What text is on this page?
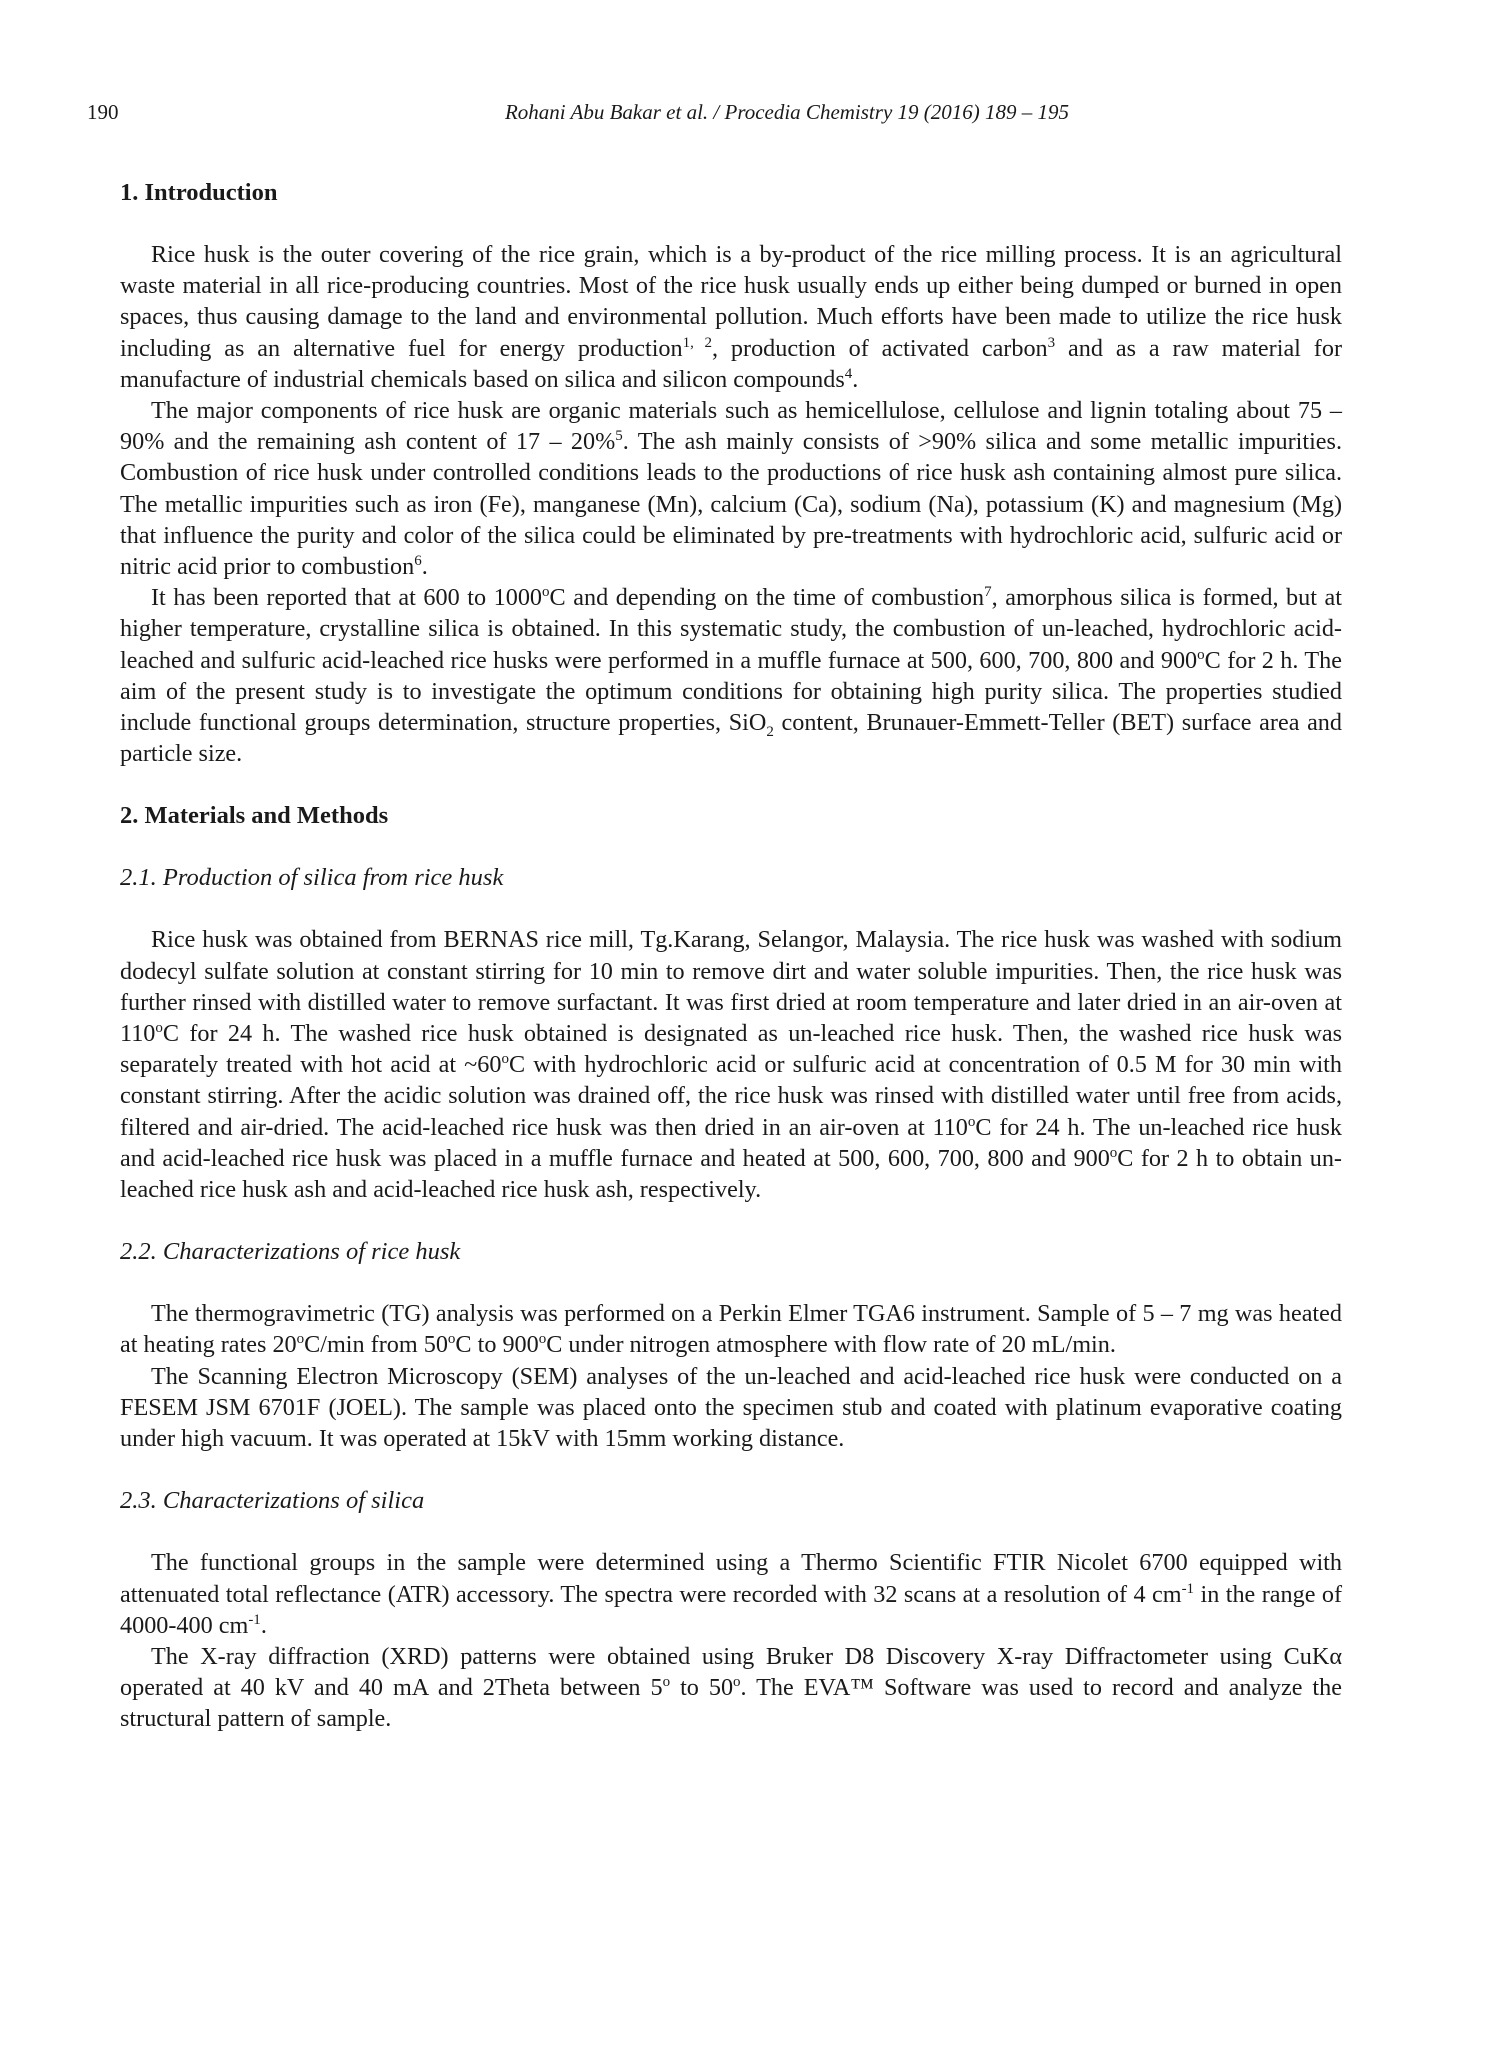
190	Rohani Abu Bakar et al. / Procedia Chemistry 19 (2016) 189 – 195
1. Introduction

Rice husk is the outer covering of the rice grain, which is a by-product of the rice milling process. It is an agricultural waste material in all rice-producing countries. Most of the rice husk usually ends up either being dumped or burned in open spaces, thus causing damage to the land and environmental pollution. Much efforts have been made to utilize the rice husk including as an alternative fuel for energy production$^{1, 2}$, production of activated carbon$^3$ and as a raw material for manufacture of industrial chemicals based on silica and silicon compounds$^4$.

The major components of rice husk are organic materials such as hemicellulose, cellulose and lignin totaling about 75 – 90% and the remaining ash content of 17 – 20%$^5$. The ash mainly consists of >90% silica and some metallic impurities. Combustion of rice husk under controlled conditions leads to the productions of rice husk ash containing almost pure silica. The metallic impurities such as iron (Fe), manganese (Mn), calcium (Ca), sodium (Na), potassium (K) and magnesium (Mg) that influence the purity and color of the silica could be eliminated by pre-treatments with hydrochloric acid, sulfuric acid or nitric acid prior to combustion$^6$.

It has been reported that at 600 to 1000$^o$C and depending on the time of combustion$^7$, amorphous silica is formed, but at higher temperature, crystalline silica is obtained. In this systematic study, the combustion of un-leached, hydrochloric acid-leached and sulfuric acid-leached rice husks were performed in a muffle furnace at 500, 600, 700, 800 and 900$^o$C for 2 h. The aim of the present study is to investigate the optimum conditions for obtaining high purity silica. The properties studied include functional groups determination, structure properties, SiO$_2$ content, Brunauer-Emmett-Teller (BET) surface area and particle size.

2. Materials and Methods
2.1. Production of silica from rice husk

Rice husk was obtained from BERNAS rice mill, Tg.Karang, Selangor, Malaysia. The rice husk was washed with sodium dodecyl sulfate solution at constant stirring for 10 min to remove dirt and water soluble impurities. Then, the rice husk was further rinsed with distilled water to remove surfactant. It was first dried at room temperature and later dried in an air-oven at 110$^o$C for 24 h. The washed rice husk obtained is designated as un-leached rice husk. Then, the washed rice husk was separately treated with hot acid at ~60$^o$C with hydrochloric acid or sulfuric acid at concentration of 0.5 M for 30 min with constant stirring. After the acidic solution was drained off, the rice husk was rinsed with distilled water until free from acids, filtered and air-dried. The acid-leached rice husk was then dried in an air-oven at 110$^o$C for 24 h. The un-leached rice husk and acid-leached rice husk was placed in a muffle furnace and heated at 500, 600, 700, 800 and 900$^o$C for 2 h to obtain un-leached rice husk ash and acid-leached rice husk ash, respectively.

2.2. Characterizations of rice husk

The thermogravimetric (TG) analysis was performed on a Perkin Elmer TGA6 instrument. Sample of 5 – 7 mg was heated at heating rates 20$^o$C/min from 50$^o$C to 900$^o$C under nitrogen atmosphere with flow rate of 20 mL/min.

The Scanning Electron Microscopy (SEM) analyses of the un-leached and acid-leached rice husk were conducted on a FESEM JSM 6701F (JOEL). The sample was placed onto the specimen stub and coated with platinum evaporative coating under high vacuum. It was operated at 15kV with 15mm working distance.

2.3. Characterizations of silica

The functional groups in the sample were determined using a Thermo Scientific FTIR Nicolet 6700 equipped with attenuated total reflectance (ATR) accessory. The spectra were recorded with 32 scans at a resolution of 4 $cm^{-1}$ in the range of 4000-400 $cm^{-1}$.

The X-ray diffraction (XRD) patterns were obtained using Bruker D8 Discovery X-ray Diffractometer using CuKα operated at 40 kV and 40 mA and 2Theta between 5$^o$ to 50$^o$. The EVA™ Software was used to record and analyze the structural pattern of sample.
